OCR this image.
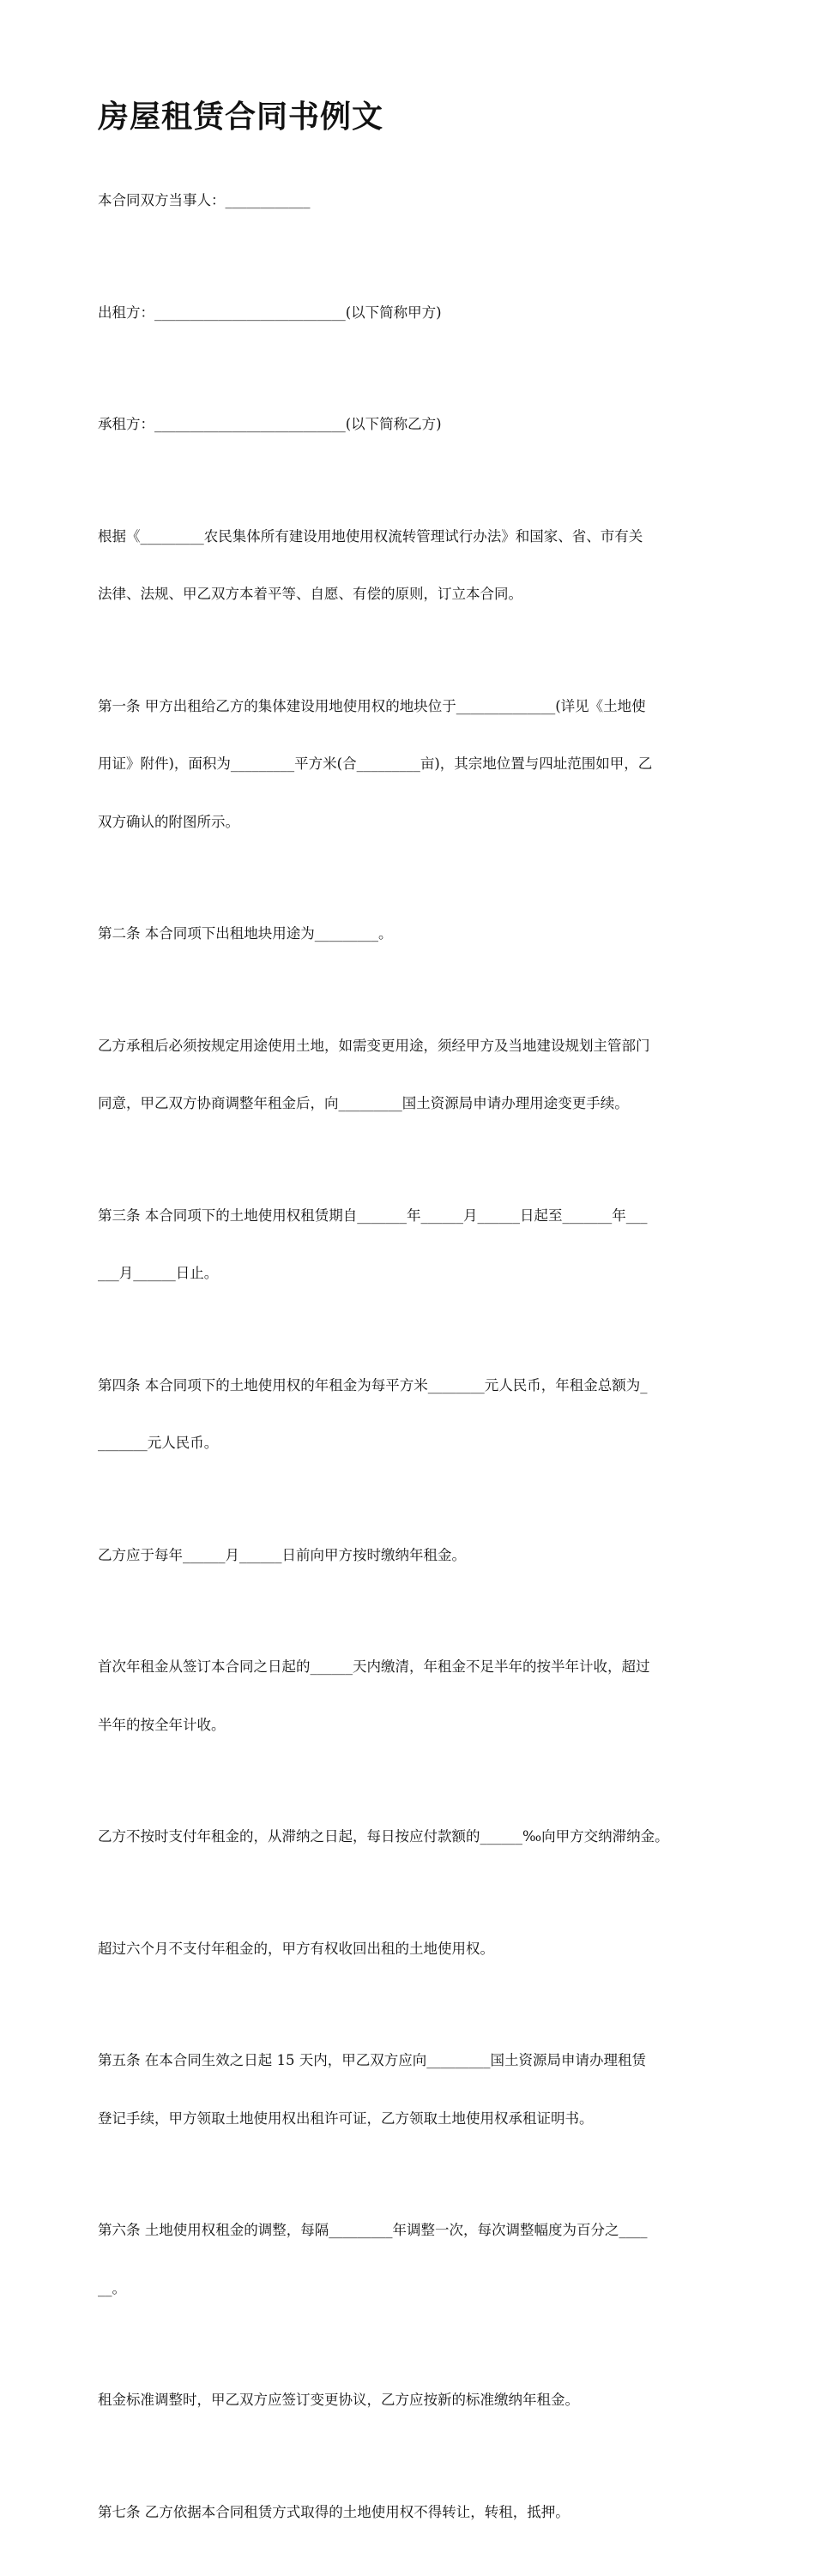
房屋租赁合同书例文

本合同双方当事人：____________

出租方：___________________________(以下简称甲方)

承租方：___________________________(以下简称乙方)

根据《_________农民集体所有建设用地使用权流转管理试行办法》和国家、省、市有关

法律、法规、甲乙双方本着平等、自愿、有偿的原则，订立本合同。

第一条 甲方出租给乙方的集体建设用地使用权的地块位于______________(详见《土地使

用证》附件)，面积为_________平方米(合_________亩)，其宗地位置与四址范围如甲，乙

双方确认的附图所示。

第二条 本合同项下出租地块用途为_________。

乙方承租后必须按规定用途使用土地，如需变更用途，须经甲方及当地建设规划主管部门

同意，甲乙双方协商调整年租金后，向_________国土资源局申请办理用途变更手续。

第三条 本合同项下的土地使用权租赁期自_______年______月______日起至_______年___

___月______日止。

第四条 本合同项下的土地使用权的年租金为每平方米________元人民币，年租金总额为_

_______元人民币。

乙方应于每年______月______日前向甲方按时缴纳年租金。

首次年租金从签订本合同之日起的______天内缴清，年租金不足半年的按半年计收，超过

半年的按全年计收。

乙方不按时支付年租金的，从滞纳之日起，每日按应付款额的______‰向甲方交纳滞纳金。

超过六个月不支付年租金的，甲方有权收回出租的土地使用权。

第五条 在本合同生效之日起 15 天内，甲乙双方应向_________国土资源局申请办理租赁

登记手续，甲方领取土地使用权出租许可证，乙方领取土地使用权承租证明书。

第六条 土地使用权租金的调整，每隔_________年调整一次，每次调整幅度为百分之____

__。

租金标准调整时，甲乙双方应签订变更协议，乙方应按新的标准缴纳年租金。

第七条 乙方依据本合同租赁方式取得的土地使用权不得转让，转租，抵押。
